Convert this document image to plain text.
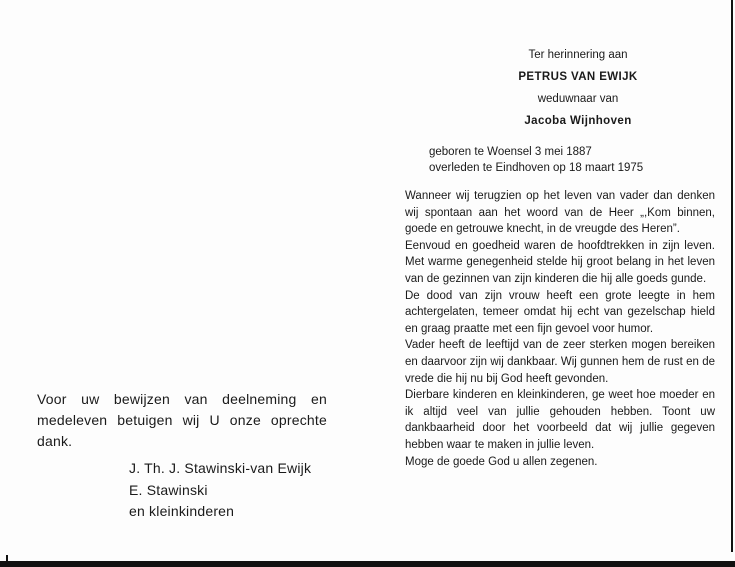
Voor uw bewijzen van deelneming en medeleven betuigen wij U onze oprechte dank.

J. Th. J. Stawinski-van Ewijk
E. Stawinski
en kleinkinderen
Ter herinnering aan
PETRUS VAN EWIJK
weduwnaar van
Jacoba Wijnhoven
geboren te Woensel 3 mei 1887
overleden te Eindhoven op 18 maart 1975
Wanneer wij terugzien op het leven van vader dan denken wij spontaan aan het woord van de Heer „,Kom binnen, goede en getrouwe knecht, in de vreugde des Heren”.
Eenvoud en goedheid waren de hoofdtrekken in zijn leven. Met warme genegenheid stelde hij groot belang in het leven van de gezinnen van zijn kinderen die hij alle goeds gunde.
De dood van zijn vrouw heeft een grote leegte in hem achtergelaten, temeer omdat hij echt van gezelschap hield en graag praatte met een fijn gevoel voor humor.
Vader heeft de leeftijd van de zeer sterken mogen bereiken en daarvoor zijn wij dankbaar. Wij gunnen hem de rust en de vrede die hij nu bij God heeft gevonden.
Dierbare kinderen en kleinkinderen, ge weet hoe moeder en ik altijd veel van jullie gehouden hebben. Toont uw dankbaarheid door het voorbeeld dat wij jullie gegeven hebben waar te maken in jullie leven.
Moge de goede God u allen zegenen.
